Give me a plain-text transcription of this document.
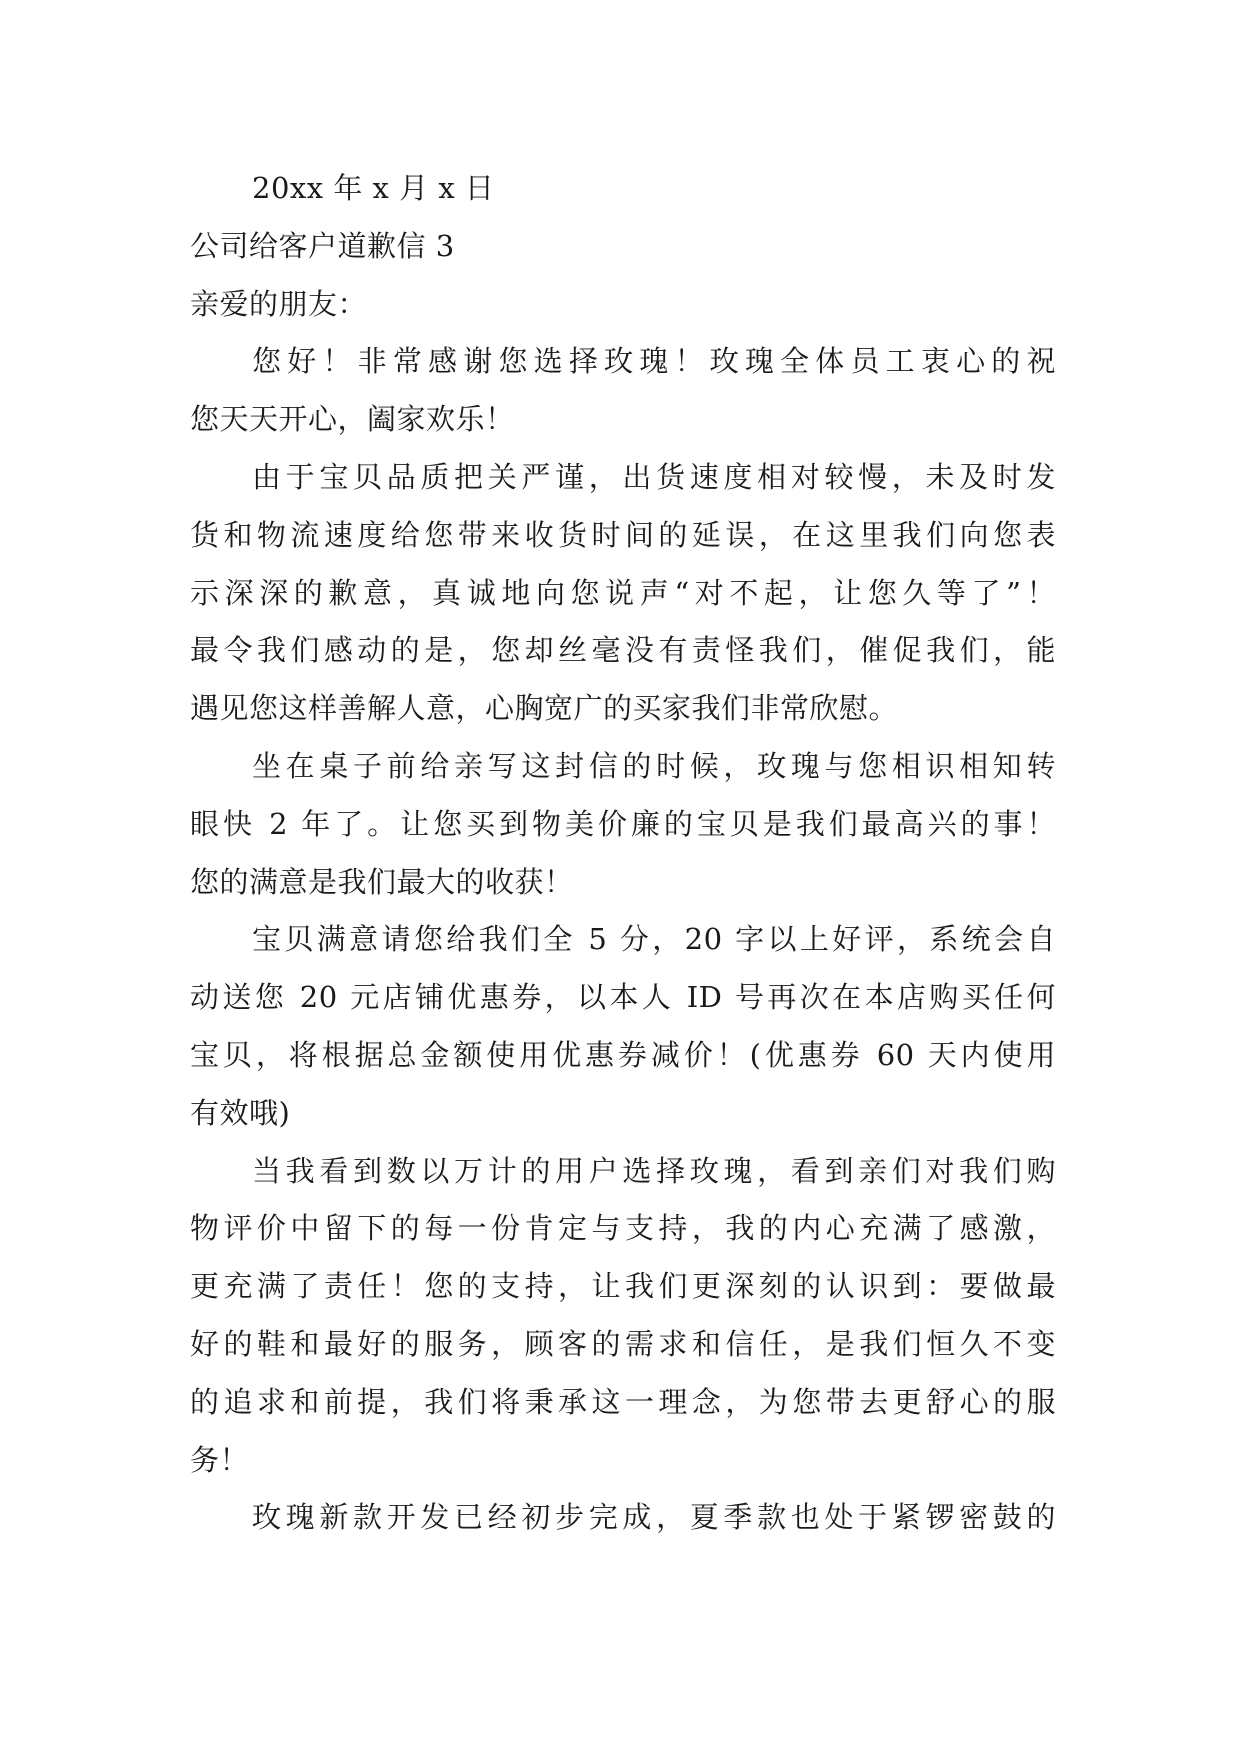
20xx 年 x 月 x 日
公司给客户道歉信 3
亲爱的朋友：
您好！非常感谢您选择玫瑰！玫瑰全体员工衷心的祝
您天天开心，阖家欢乐！
由于宝贝品质把关严谨，出货速度相对较慢，未及时发
货和物流速度给您带来收货时间的延误，在这里我们向您表
示深深的歉意，真诚地向您说声“对不起，让您久等了”！
最令我们感动的是，您却丝毫没有责怪我们，催促我们，能
遇见您这样善解人意，心胸宽广的买家我们非常欣慰。
坐在桌子前给亲写这封信的时候，玫瑰与您相识相知转
眼快 2 年了。让您买到物美价廉的宝贝是我们最高兴的事！
您的满意是我们最大的收获！
宝贝满意请您给我们全 5 分，20 字以上好评，系统会自
动送您 20 元店铺优惠券，以本人 ID 号再次在本店购买任何
宝贝，将根据总金额使用优惠券减价！(优惠券 60 天内使用
有效哦)
当我看到数以万计的用户选择玫瑰，看到亲们对我们购
物评价中留下的每一份肯定与支持，我的内心充满了感激，
更充满了责任！您的支持，让我们更深刻的认识到：要做最
好的鞋和最好的服务，顾客的需求和信任，是我们恒久不变
的追求和前提，我们将秉承这一理念，为您带去更舒心的服
务！
玫瑰新款开发已经初步完成，夏季款也处于紧锣密鼓的
